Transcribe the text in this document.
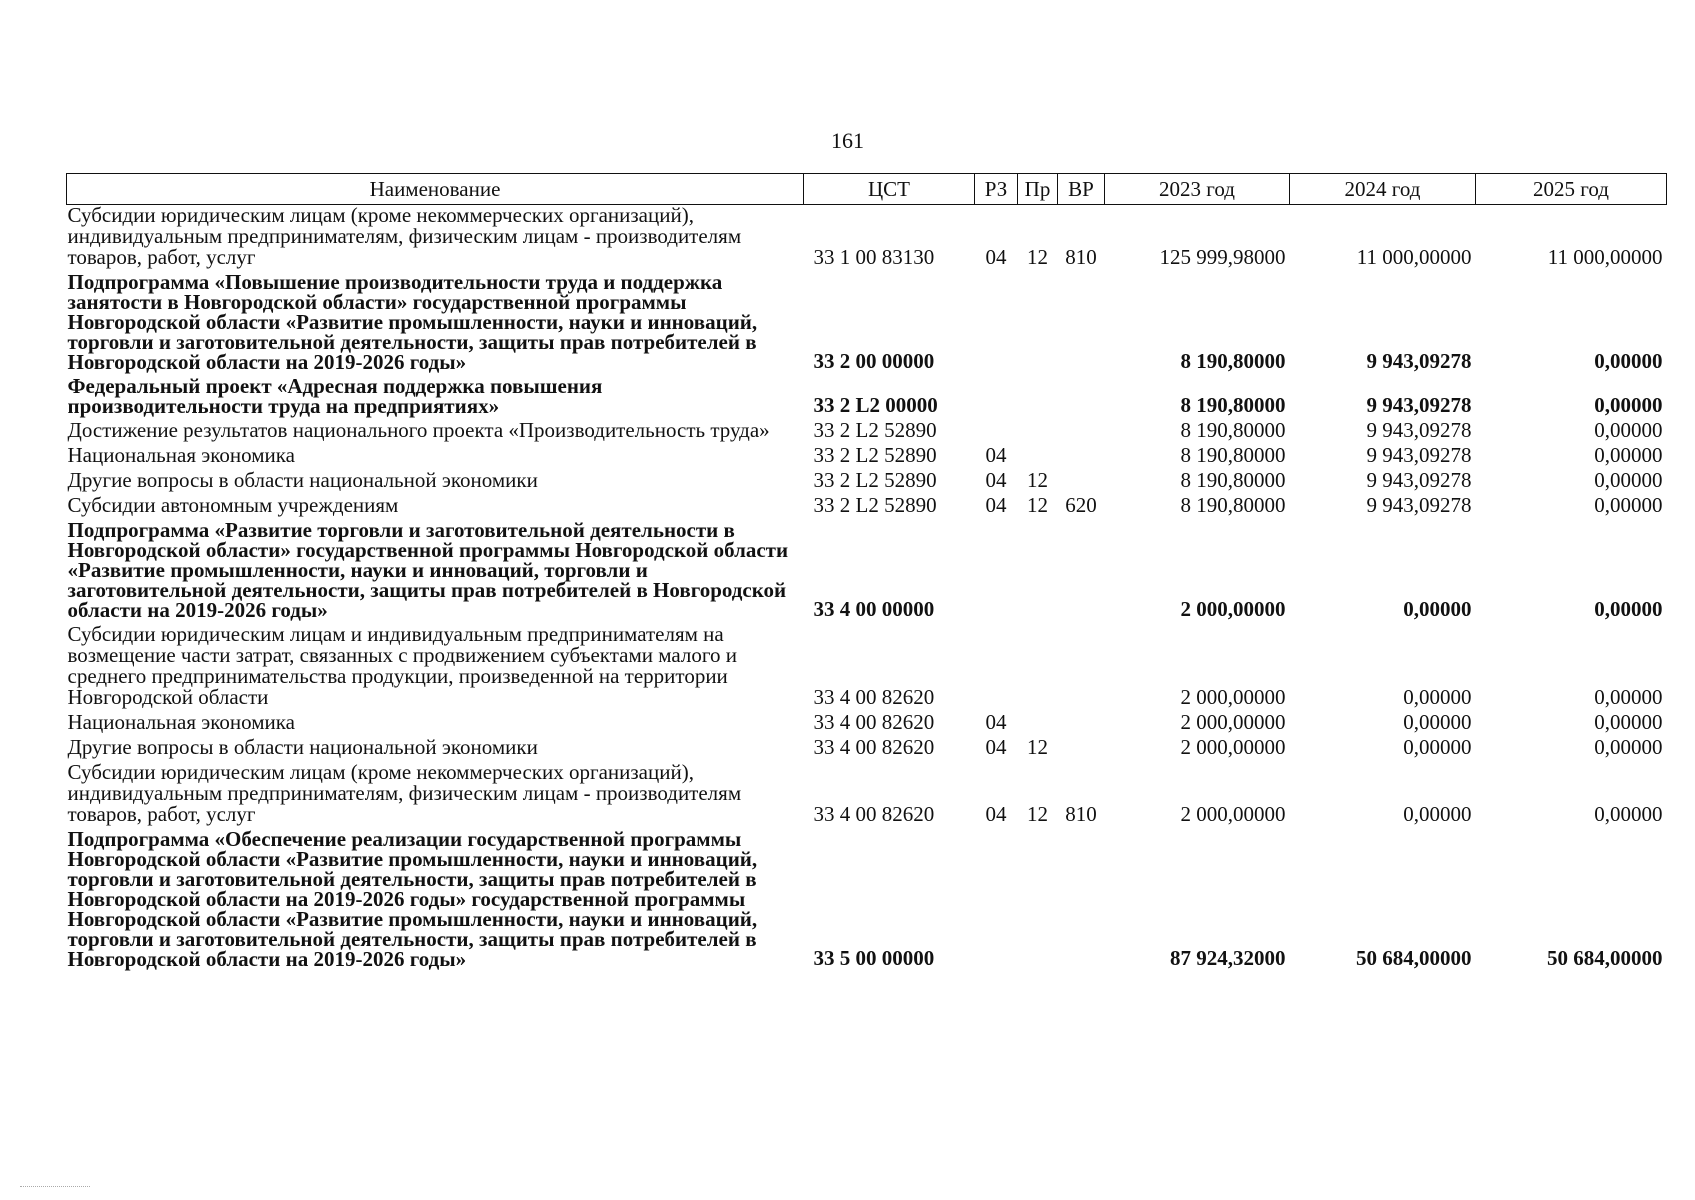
161
Наименование	ЦСТ	РЗ	Пр	ВР	2023 год	2024 год	2025 год
Субсидии юридическим лицам (кроме некоммерческих организаций), индивидуальным предпринимателям, физическим лицам - производителям товаров, работ, услуг	33 1 00 83130	04	12	810	125 999,98000	11 000,00000	11 000,00000
Подпрограмма «Повышение производительности труда и поддержка занятости в Новгородской области» государственной программы Новгородской области «Развитие промышленности, науки и инноваций, торговли и заготовительной деятельности, защиты прав потребителей в Новгородской области на 2019-2026 годы»	33 2 00 00000				8 190,80000	9 943,09278	0,00000
Федеральный проект «Адресная поддержка повышения производительности труда на предприятиях»	33 2 L2 00000				8 190,80000	9 943,09278	0,00000
Достижение результатов национального проекта «Производительность труда»	33 2 L2 52890				8 190,80000	9 943,09278	0,00000
Национальная экономика	33 2 L2 52890	04			8 190,80000	9 943,09278	0,00000
Другие вопросы в области национальной экономики	33 2 L2 52890	04	12		8 190,80000	9 943,09278	0,00000
Субсидии автономным учреждениям	33 2 L2 52890	04	12	620	8 190,80000	9 943,09278	0,00000
Подпрограмма «Развитие торговли и заготовительной деятельности в Новгородской области» государственной программы Новгородской области «Развитие промышленности, науки и инноваций, торговли и заготовительной деятельности, защиты прав потребителей в Новгородской области на 2019-2026 годы»	33 4 00 00000				2 000,00000	0,00000	0,00000
Субсидии юридическим лицам и индивидуальным предпринимателям на возмещение части затрат, связанных с продвижением субъектами малого и среднего предпринимательства продукции, произведенной на территории Новгородской области	33 4 00 82620				2 000,00000	0,00000	0,00000
Национальная экономика	33 4 00 82620	04			2 000,00000	0,00000	0,00000
Другие вопросы в области национальной экономики	33 4 00 82620	04	12		2 000,00000	0,00000	0,00000
Субсидии юридическим лицам (кроме некоммерческих организаций), индивидуальным предпринимателям, физическим лицам - производителям товаров, работ, услуг	33 4 00 82620	04	12	810	2 000,00000	0,00000	0,00000
Подпрограмма «Обеспечение реализации государственной программы Новгородской области «Развитие промышленности, науки и инноваций, торговли и заготовительной деятельности, защиты прав потребителей в Новгородской области на 2019-2026 годы» государственной программы Новгородской области «Развитие промышленности, науки и инноваций, торговли и заготовительной деятельности, защиты прав потребителей в Новгородской области на 2019-2026 годы»	33 5 00 00000				87 924,32000	50 684,00000	50 684,00000
